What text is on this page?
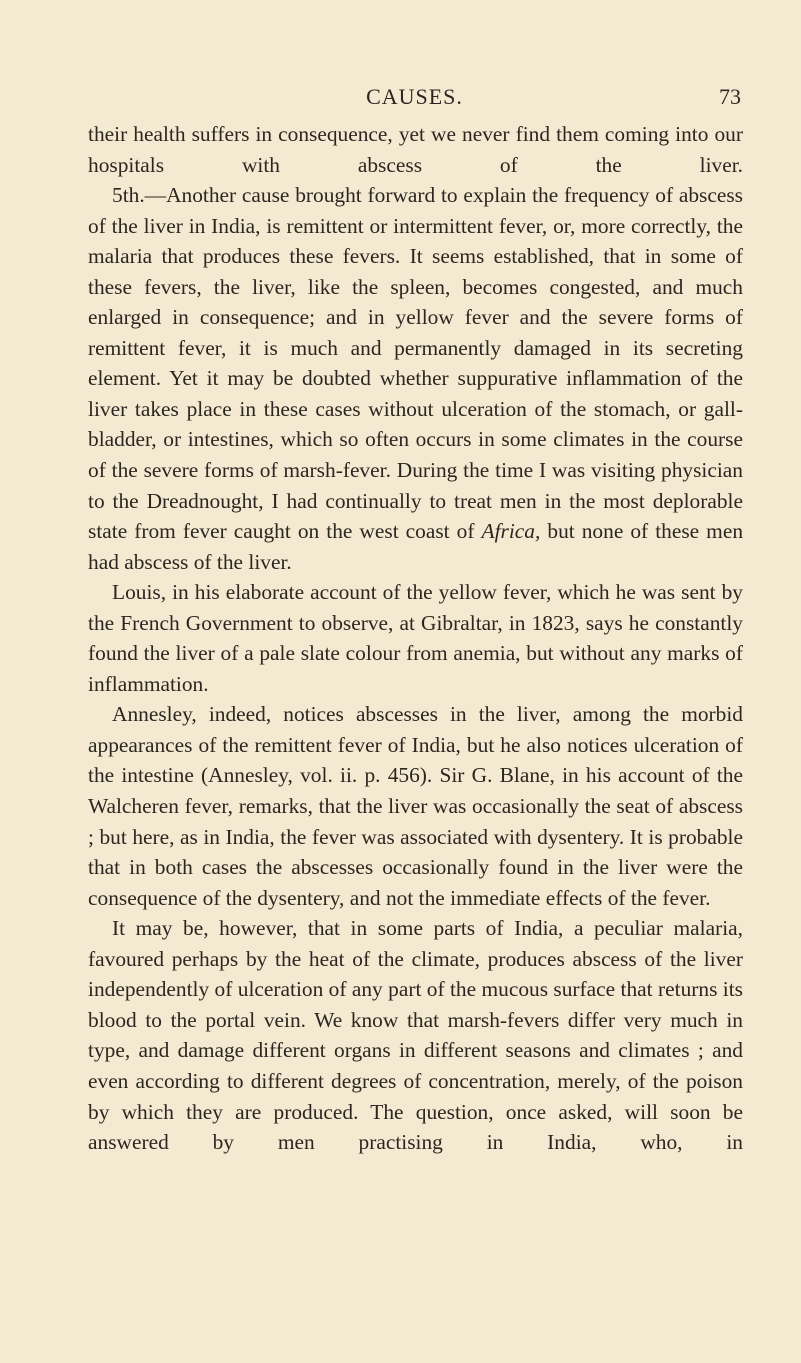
CAUSES.	73

their health suffers in consequence, yet we never find them coming into our hospitals with abscess of the liver.

5th.—Another cause brought forward to explain the frequency of abscess of the liver in India, is remittent or intermittent fever, or, more correctly, the malaria that produces these fevers. It seems established, that in some of these fevers, the liver, like the spleen, becomes congested, and much enlarged in consequence; and in yellow fever and the severe forms of remittent fever, it is much and permanently damaged in its secreting element. Yet it may be doubted whether suppurative inflammation of the liver takes place in these cases without ulceration of the stomach, or gall-bladder, or intestines, which so often occurs in some climates in the course of the severe forms of marsh-fever. During the time I was visiting physician to the Dreadnought, I had continually to treat men in the most deplorable state from fever caught on the west coast of Africa, but none of these men had abscess of the liver.

Louis, in his elaborate account of the yellow fever, which he was sent by the French Government to observe, at Gibraltar, in 1823, says he constantly found the liver of a pale slate colour from anemia, but without any marks of inflammation.

Annesley, indeed, notices abscesses in the liver, among the morbid appearances of the remittent fever of India, but he also notices ulceration of the intestine (Annesley, vol. ii. p. 456). Sir G. Blane, in his account of the Walcheren fever, remarks, that the liver was occasionally the seat of abscess ; but here, as in India, the fever was associated with dysentery. It is probable that in both cases the abscesses occasionally found in the liver were the consequence of the dysentery, and not the immediate effects of the fever.

It may be, however, that in some parts of India, a peculiar malaria, favoured perhaps by the heat of the climate, produces abscess of the liver independently of ulceration of any part of the mucous surface that returns its blood to the portal vein. We know that marsh-fevers differ very much in type, and damage different organs in different seasons and climates ; and even according to different degrees of concentration, merely, of the poison by which they are produced. The question, once asked, will soon be answered by men practising in India, who, in
